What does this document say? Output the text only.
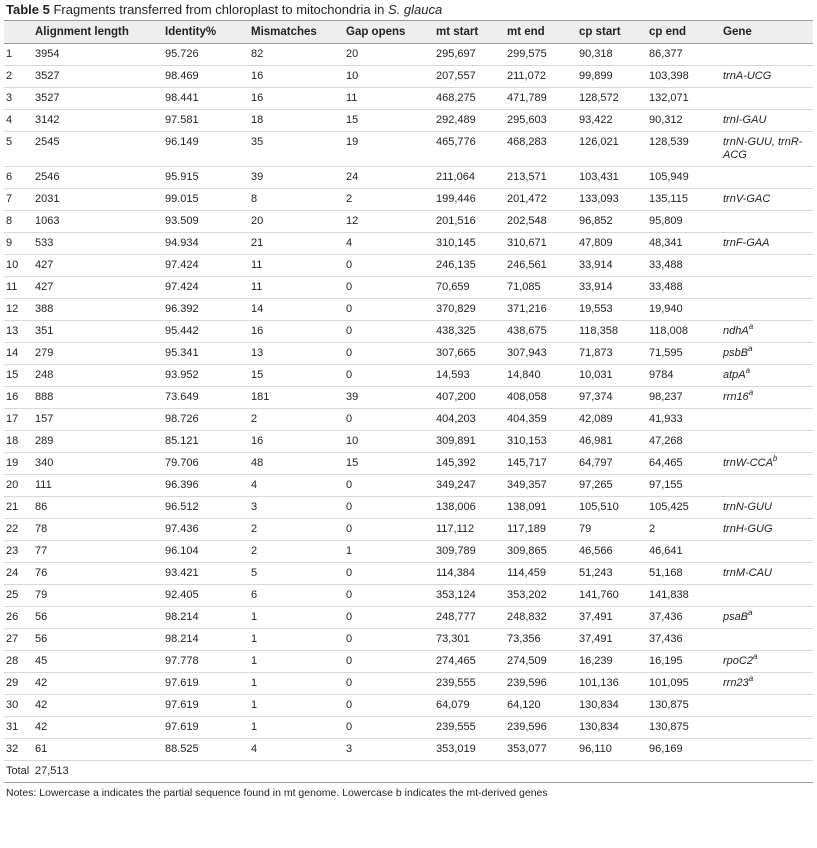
Table 5 Fragments transferred from chloroplast to mitochondria in S. glauca
	Alignment length	Identity%	Mismatches	Gap opens	mt start	mt end	cp start	cp end	Gene
1	3954	95.726	82	20	295,697	299,575	90,318	86,377	
2	3527	98.469	16	10	207,557	211,072	99,899	103,398	trnA-UCG
3	3527	98.441	16	11	468,275	471,789	128,572	132,071	
4	3142	97.581	18	15	292,489	295,603	93,422	90,312	trnI-GAU
5	2545	96.149	35	19	465,776	468,283	126,021	128,539	trnN-GUU, trnR-ACG
6	2546	95.915	39	24	211,064	213,571	103,431	105,949	
7	2031	99.015	8	2	199,446	201,472	133,093	135,115	trnV-GAC
8	1063	93.509	20	12	201,516	202,548	96,852	95,809	
9	533	94.934	21	4	310,145	310,671	47,809	48,341	trnF-GAA
10	427	97.424	11	0	246,135	246,561	33,914	33,488	
11	427	97.424	11	0	70,659	71,085	33,914	33,488	
12	388	96.392	14	0	370,829	371,216	19,553	19,940	
13	351	95.442	16	0	438,325	438,675	118,358	118,008	ndhA$^a$
14	279	95.341	13	0	307,665	307,943	71,873	71,595	psbB$^a$
15	248	93.952	15	0	14,593	14,840	10,031	9784	atpA$^a$
16	888	73.649	181	39	407,200	408,058	97,374	98,237	rrn16$^a$
17	157	98.726	2	0	404,203	404,359	42,089	41,933	
18	289	85.121	16	10	309,891	310,153	46,981	47,268	
19	340	79.706	48	15	145,392	145,717	64,797	64,465	trnW-CCA$^b$
20	111	96.396	4	0	349,247	349,357	97,265	97,155	
21	86	96.512	3	0	138,006	138,091	105,510	105,425	trnN-GUU
22	78	97.436	2	0	117,112	117,189	79	2	trnH-GUG
23	77	96.104	2	1	309,789	309,865	46,566	46,641	
24	76	93.421	5	0	114,384	114,459	51,243	51,168	trnM-CAU
25	79	92.405	6	0	353,124	353,202	141,760	141,838	
26	56	98.214	1	0	248,777	248,832	37,491	37,436	psaB$^a$
27	56	98.214	1	0	73,301	73,356	37,491	37,436	
28	45	97.778	1	0	274,465	274,509	16,239	16,195	rpoC2$^a$
29	42	97.619	1	0	239,555	239,596	101,136	101,095	rrn23$^a$
30	42	97.619	1	0	64,079	64,120	130,834	130,875	
31	42	97.619	1	0	239,555	239,596	130,834	130,875	
32	61	88.525	4	3	353,019	353,077	96,110	96,169	
Total	27,513								
Notes: Lowercase a indicates the partial sequence found in mt genome. Lowercase b indicates the mt-derived genes
